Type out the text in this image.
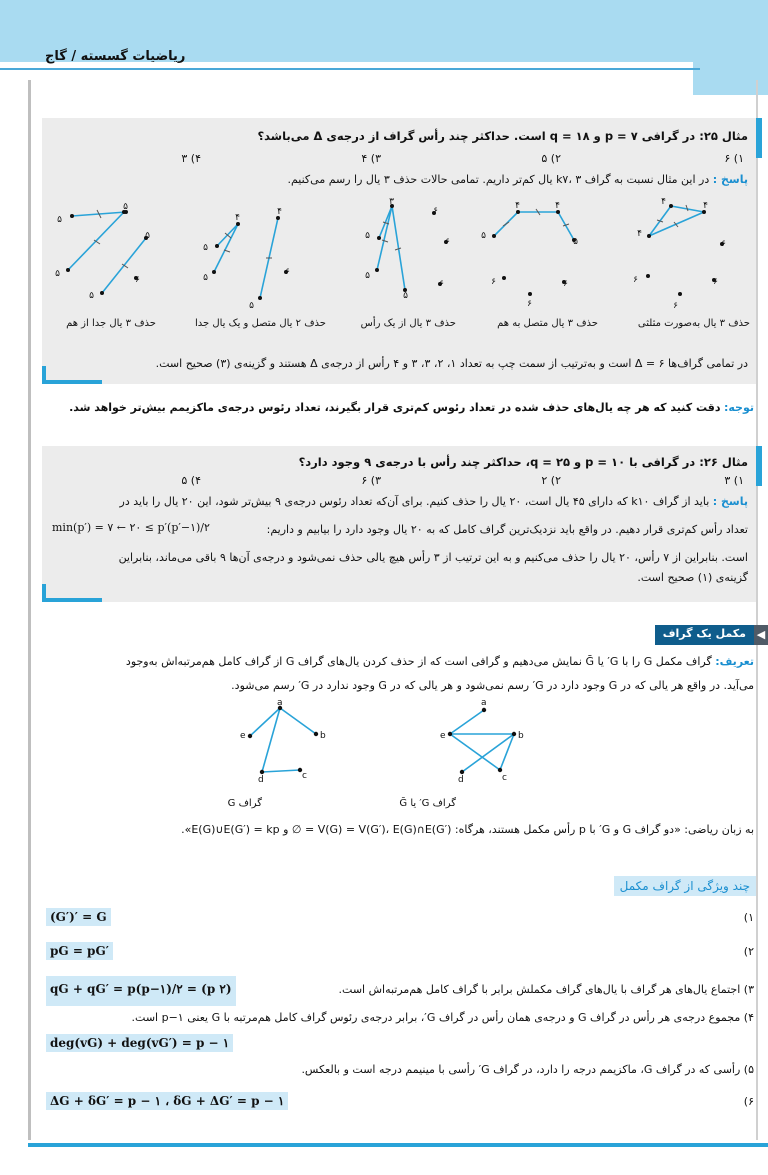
ریاضیات گسسته / گاج
مثال ۲۵: در گرافی ۷ = p و ۱۸ = q است. حداکثر چند رأس گراف از درجه‌ی Δ می‌باشد؟
۱) ۶
۲) ۵
۳) ۴
۴) ۳
پاسخ : در این مثال نسبت به گراف k۷، ۳ یال کم‌تر داریم. تمامی حالات حذف ۳ یال را رسم می‌کنیم.
۵
۵
۵
۵
۵
۶
۴
۵
۵
۵
۶
۴
۳
۵
۵
۵
۶
۶
۶
۵
۴	۴
۵
۶
۶
۶
۴
۴	۴
۶
۶
۶
۶
حذف ۳ یال به‌صورت مثلثی
حذف ۳ یال متصل به هم
حذف ۳ یال از یک رأس
حذف ۲ یال متصل و یک یال جدا
حذف ۳ یال جدا از هم
در تمامی گراف‌ها ۶ = Δ است و به‌ترتیب از سمت چپ به تعداد ۱، ۲، ۳، ۳ و ۴ رأس از درجه‌ی Δ هستند و گزینه‌ی (۳) صحیح است.
توجه: دقت کنید که هر چه یال‌های حذف شده در تعداد رئوس کم‌تری قرار بگیرند، تعداد رئوس درجه‌ی ماکزیمم بیش‌تر خواهد شد.
مثال ۲۶: در گرافی با ۱۰ = p و ۲۵ = q، حداکثر چند رأس با درجه‌ی ۹ وجود دارد؟
۱) ۳
۲) ۲
۳) ۶
۴) ۵
پاسخ : باید از گراف k۱۰ که دارای ۴۵ یال است، ۲۰ یال را حذف کنیم. برای آن‌که تعداد رئوس درجه‌ی ۹ بیش‌تر شود، این ۲۰ یال را باید در
تعداد رأس کم‌تری قرار دهیم. در واقع باید نزدیک‌ترین گراف کامل که به ۲۰ یال وجود دارد را بیابیم و داریم:
min(p′) = ۷ ← ۲۰ ≤ p′(p′−۱)/۲
است. بنابراین از ۷ رأس، ۲۰ یال را حذف می‌کنیم و به این ترتیب از ۳ رأس هیچ یالی حذف نمی‌شود و درجه‌ی آن‌ها ۹ باقی می‌ماند، بنابراین
گزینه‌ی (۱) صحیح است.
مکمل یک گراف ◀
تعریف: گراف مکمل G را با G′ یا Ḡ نمایش می‌دهیم و گرافی است که از حذف کردن یال‌های گراف G از گراف کامل هم‌مرتبه‌اش به‌وجود
می‌آید. در واقع هر یالی که در G وجود دارد در G′ رسم نمی‌شود و هر یالی که در G وجود ندارد در G′ رسم می‌شود.
a
b
c
d
e
a
b
c
d
e
گراف G	گراف G′ یا Ḡ
به زبان ریاضی: «دو گراف G و G′ با p رأس مکمل هستند، هرگاه: V(G) = V(G′)، E(G)∩E(G′) = ∅ و E(G)∪E(G′) = kp».
چند ویژگی از گراف مکمل
۱)
(G′)′ = G
۲)
pG = pG′
۳) اجتماع یال‌های هر گراف با یال‌های گراف مکملش برابر با گراف کامل هم‌مرتبه‌اش است.
qG + qG′ = p(p−۱)/۲ = (p ۲)
۴) مجموع درجه‌ی هر رأس در گراف G و درجه‌ی همان رأس در گراف G′، برابر درجه‌ی رئوس گراف کامل هم‌مرتبه با G یعنی p−۱ است.
deg(vG) + deg(vG′) = p − ۱
۵) رأسی که در گراف G، ماکزیمم درجه را دارد، در گراف G′ رأسی با مینیمم درجه است و بالعکس.
۶)
ΔG + δG′ = p − ۱ ، δG + ΔG′ = p − ۱
